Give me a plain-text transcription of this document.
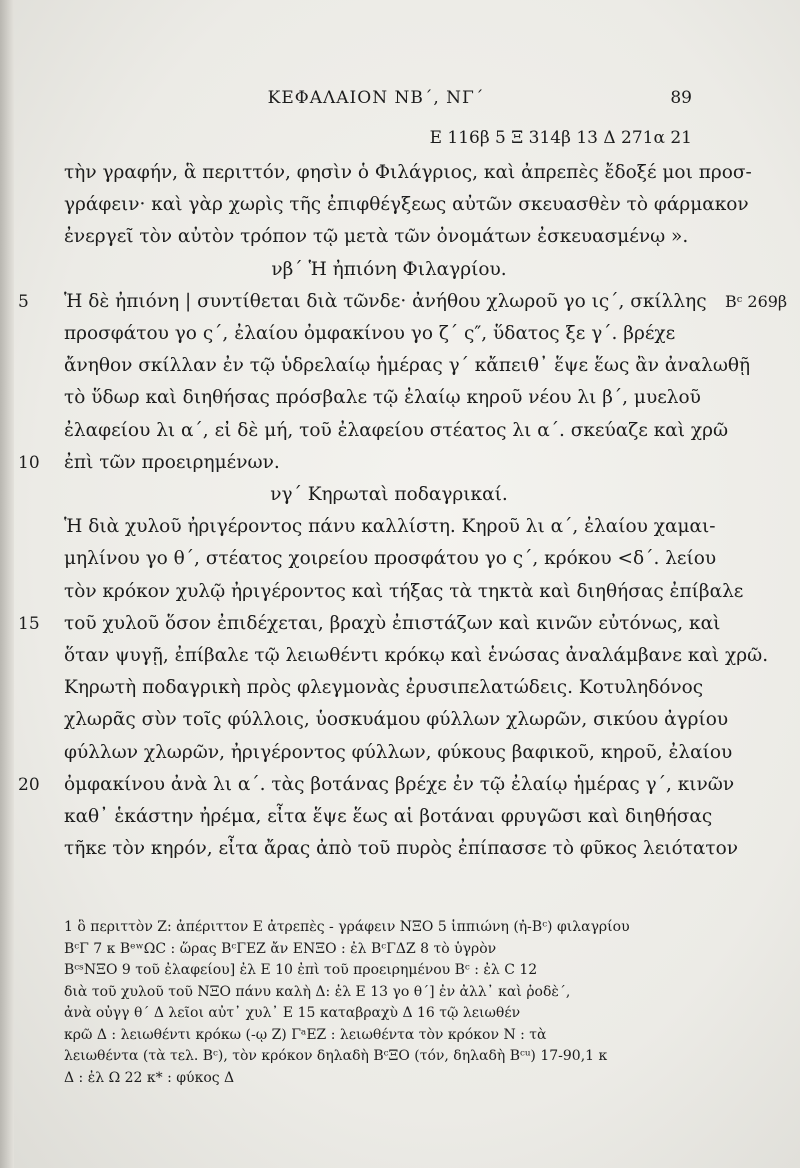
ΚΕΦΑΛΑΙΟΝ ΝΒ΄, ΝΓ΄	89
Ε 116β 5 Ξ 314β 13 Δ 271α 21
τὴν γραφήν, ἃ περιττόν, φησὶν ὁ Φιλάγριος, καὶ ἀπρεπὲς ἔδοξέ μοι προσ-
γράφειν· καὶ γὰρ χωρὶς τῆς ἐπιφθέγξεως αὐτῶν σκευασθὲν τὸ φάρμακον
ἐνεργεῖ τὸν αὐτὸν τρόπον τῷ μετὰ τῶν ὀνομάτων ἐσκευασμένῳ ».
νβ΄ Ἡ ἠπιόνη Φιλαγρίου.
Ἡ δὲ ἠπιόνη | συντίθεται διὰ τῶνδε· ἀνήθου χλωροῦ γο ις΄, σκίλλης
5	Bᶜ 269β
προσφάτου γο ς΄, ἐλαίου ὀμφακίνου γο ζ΄ ς″, ὕδατος ξε γ΄. βρέχε
ἄνηθον σκίλλαν ἐν τῷ ὑδρελαίῳ ἡμέρας γ΄ κἄπειθ᾽ ἕψε ἕως ἂν ἀναλωθῇ
τὸ ὕδωρ καὶ διηθήσας πρόσβαλε τῷ ἐλαίῳ κηροῦ νέου λι β΄, μυελοῦ
ἐλαφείου λι α΄, εἰ δὲ μή, τοῦ ἐλαφείου στέατος λι α΄. σκεύαζε καὶ χρῶ
ἐπὶ τῶν προειρημένων.
10
νγ΄ Κηρωταὶ ποδαγρικαί.
Ἡ διὰ χυλοῦ ἠριγέροντος πάνυ καλλίστη. Κηροῦ λι α΄, ἐλαίου χαμαι-
μηλίνου γο θ΄, στέατος χοιρείου προσφάτου γο ς΄, κρόκου <δ΄. λείου
τὸν κρόκον χυλῷ ἠριγέροντος καὶ τήξας τὰ τηκτὰ καὶ διηθήσας ἐπίβαλε
τοῦ χυλοῦ ὅσον ἐπιδέχεται, βραχὺ ἐπιστάζων καὶ κινῶν εὐτόνως, καὶ
15
ὅταν ψυγῇ, ἐπίβαλε τῷ λειωθέντι κρόκῳ καὶ ἑνώσας ἀναλάμβανε καὶ χρῶ.
Κηρωτὴ ποδαγρικὴ πρὸς φλεγμονὰς ἐρυσιπελατώδεις. Κοτυληδόνος
χλωρᾶς σὺν τοῖς φύλλοις, ὑοσκυάμου φύλλων χλωρῶν, σικύου ἀγρίου
φύλλων χλωρῶν, ἠριγέροντος φύλλων, φύκους βαφικοῦ, κηροῦ, ἐλαίου
ὀμφακίνου ἀνὰ λι α΄. τὰς βοτάνας βρέχε ἐν τῷ ἐλαίῳ ἡμέρας γ΄, κινῶν
20
καθ᾽ ἑκάστην ἠρέμα, εἶτα ἕψε ἕως αἱ βοτάναι φρυγῶσι καὶ διηθήσας
τῆκε τὸν κηρόν, εἶτα ἄρας ἀπὸ τοῦ πυρὸς ἐπίπασσε τὸ φῦκος λειότατον
1 ὃ περιττὸν Ζ: ἀπέριττον Ε ἀτρεπὲς - γράφειν ΝΞΟ 5 ἱππιώνη (ἠ-Bᶜ) φιλαγρίου
BᶜΓ 7 κ BᵉʷΩC : ὥρας BᶜΓΕΖ ἄν ΕΝΞΟ : ἐλ BᶜΓΔΖ 8 τὸ ὑγρὸν
BᶜˢΝΞΟ 9 τοῦ ἐλαφείου] ἐλ Ε 10 ἐπὶ τοῦ προειρημένου Bᶜ : ἐλ C 12
διὰ τοῦ χυλοῦ τοῦ ΝΞΟ πάνυ καλὴ Δ: ἐλ Ε 13 γο θ΄] ἐν ἀλλ᾽ καὶ ῥοδὲ΄,
ἀνὰ οὐγγ θ΄ Δ λεῖοι αὐτ᾽ χυλ᾽ Ε 15 καταβραχὺ Δ 16 τῷ λειωθέν
κρῶ Δ : λειωθέντι κρόκω (-ῳ Ζ) ΓᵃΕΖ : λειωθέντα τὸν κρόκον Ν : τὰ
λειωθέντα (τὰ τελ. Bᶜ), τὸν κρόκον δηλαδὴ BᶜΞΟ (τόν, δηλαδὴ Bᶜᵘ) 17-90,1 κ
Δ : ἐλ Ω 22 κ* : φύκος Δ
